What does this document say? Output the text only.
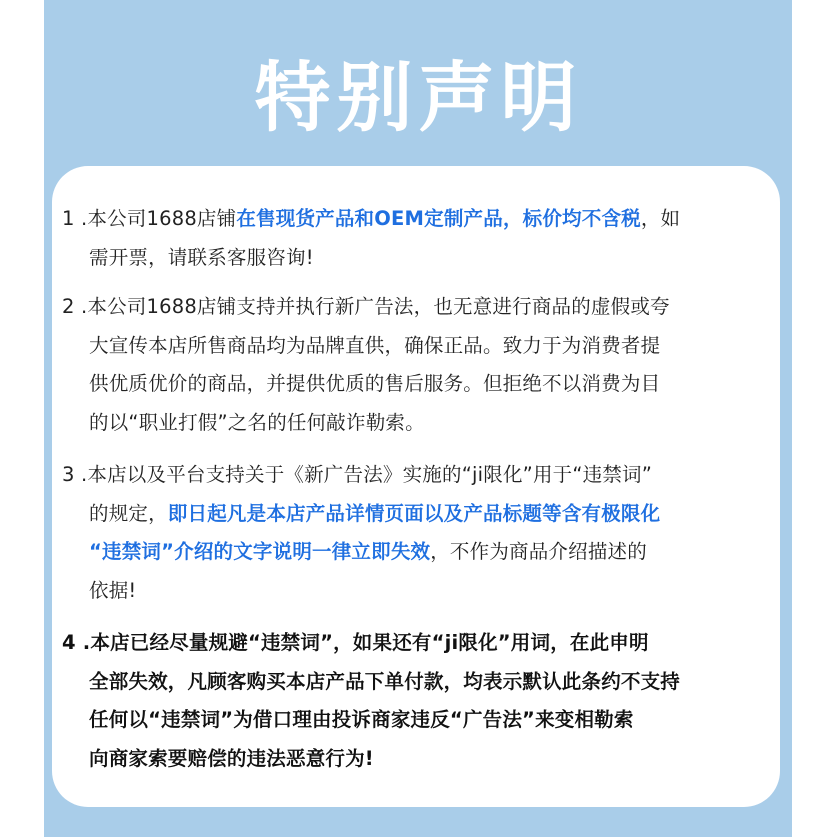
特别声明
1 .本公司1688店铺在售现货产品和OEM定制产品，标价均不含税，如
需开票，请联系客服咨询!
2 .本公司1688店铺支持并执行新广告法，也无意进行商品的虚假或夸
大宣传本店所售商品均为品牌直供，确保正品。致力于为消费者提
供优质优价的商品，并提供优质的售后服务。但拒绝不以消费为目
的以“职业打假”之名的任何敲诈勒索。
3 .本店以及平台支持关于《新广告法》实施的“ji限化”用于“违禁词”
的规定，即日起凡是本店产品详情页面以及产品标题等含有极限化
“违禁词”介绍的文字说明一律立即失效，不作为商品介绍描述的
依据!
4 .本店已经尽量规避“违禁词”，如果还有“ji限化”用词，在此申明
全部失效，凡顾客购买本店产品下单付款，均表示默认此条约不支持
任何以“违禁词”为借口理由投诉商家违反“广告法”来变相勒索
向商家索要赔偿的违法恶意行为!
